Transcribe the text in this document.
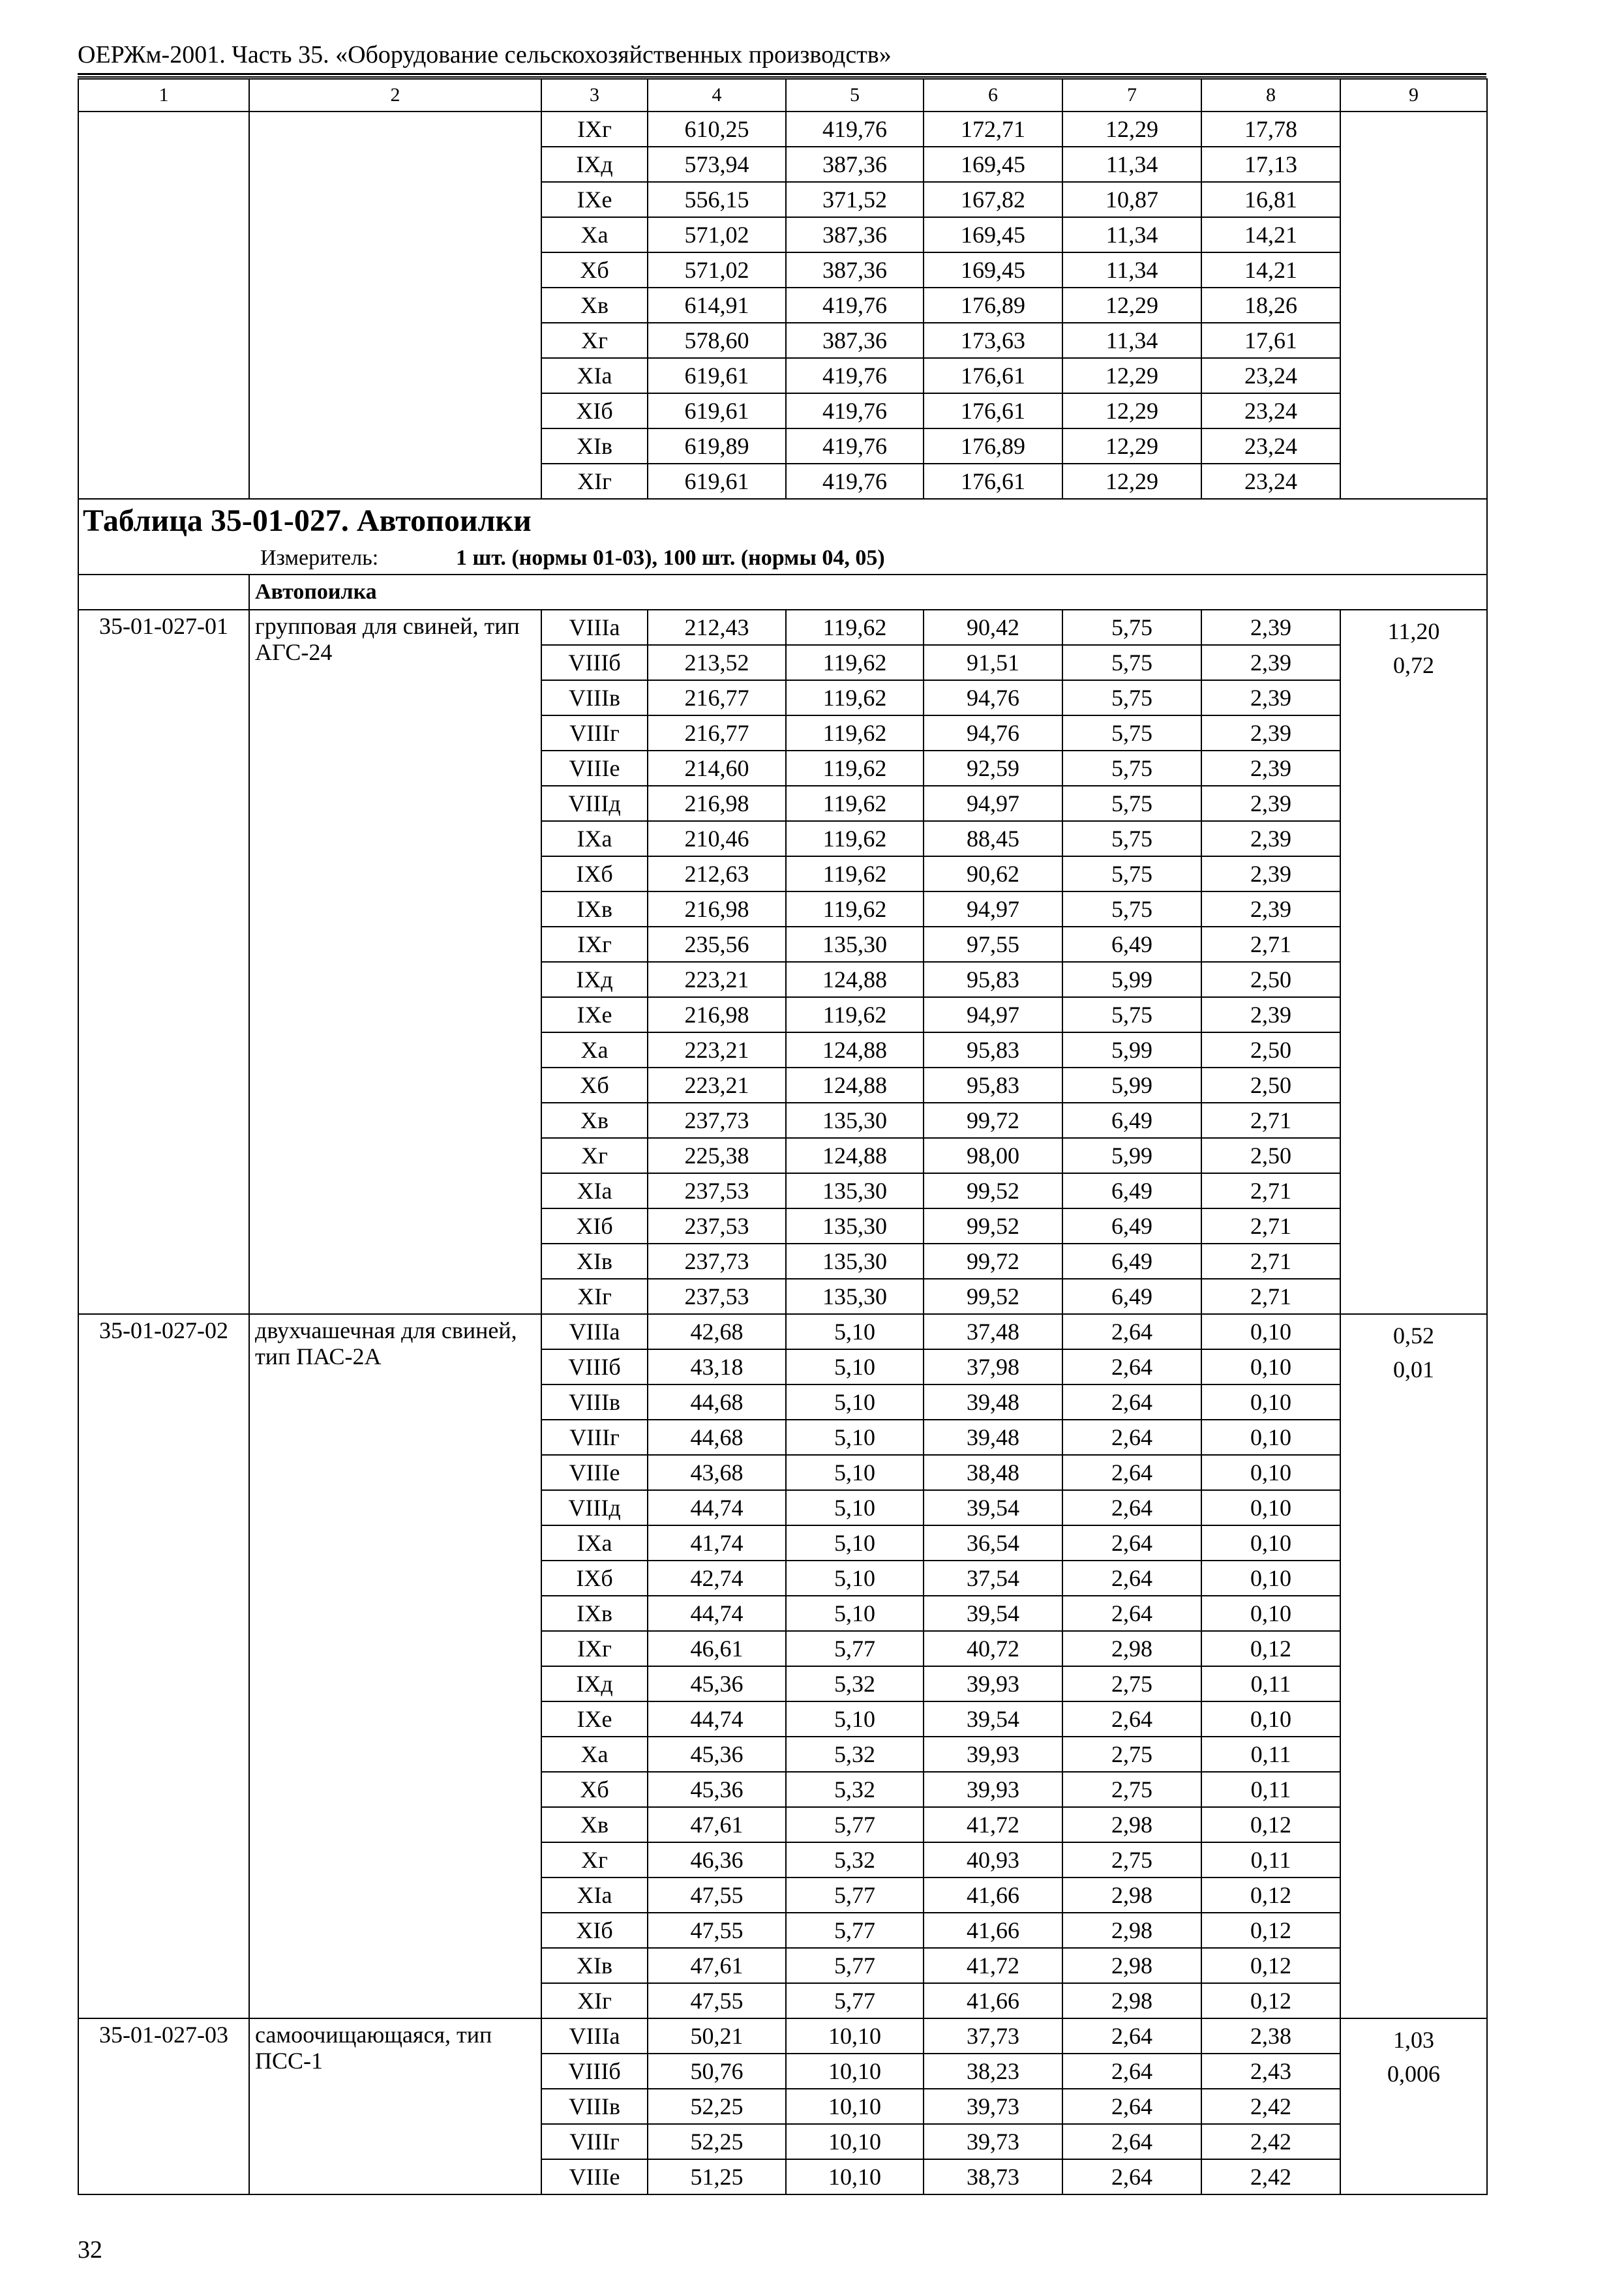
ОЕРЖм-2001. Часть 35. «Оборудование сельскохозяйственных производств»
1	2	3	4	5	6	7	8	9
		IXг	610,25	419,76	172,71	12,29	17,78	
		IXд	573,94	387,36	169,45	11,34	17,13	
		IXе	556,15	371,52	167,82	10,87	16,81	
		Xа	571,02	387,36	169,45	11,34	14,21	
		Xб	571,02	387,36	169,45	11,34	14,21	
		Xв	614,91	419,76	176,89	12,29	18,26	
		Xг	578,60	387,36	173,63	11,34	17,61	
		XIа	619,61	419,76	176,61	12,29	23,24	
		XIб	619,61	419,76	176,61	12,29	23,24	
		XIв	619,89	419,76	176,89	12,29	23,24	
		XIг	619,61	419,76	176,61	12,29	23,24	
Таблица 35-01-027. Автопоилки								
Измеритель: 1 шт. (нормы 01-03), 100 шт. (нормы 04, 05)								
	Автопоилка							
35-01-027-01	групповая для свиней, тип АГС-24	VIIIа	212,43	119,62	90,42	5,75	2,39	11,20
0,72

		VIIIб	213,52	119,62	91,51	5,75	2,39	
		VIIIв	216,77	119,62	94,76	5,75	2,39	
		VIIIг	216,77	119,62	94,76	5,75	2,39	
		VIIIе	214,60	119,62	92,59	5,75	2,39	
		VIIIд	216,98	119,62	94,97	5,75	2,39	
		IXа	210,46	119,62	88,45	5,75	2,39	
		IXб	212,63	119,62	90,62	5,75	2,39	
		IXв	216,98	119,62	94,97	5,75	2,39	
		IXг	235,56	135,30	97,55	6,49	2,71	
		IXд	223,21	124,88	95,83	5,99	2,50	
		IXе	216,98	119,62	94,97	5,75	2,39	
		Xа	223,21	124,88	95,83	5,99	2,50	
		Xб	223,21	124,88	95,83	5,99	2,50	
		Xв	237,73	135,30	99,72	6,49	2,71	
		Xг	225,38	124,88	98,00	5,99	2,50	
		XIа	237,53	135,30	99,52	6,49	2,71	
		XIб	237,53	135,30	99,52	6,49	2,71	
		XIв	237,73	135,30	99,72	6,49	2,71	
		XIг	237,53	135,30	99,52	6,49	2,71	
35-01-027-02	двухчашечная для свиней, тип ПАС-2А	VIIIа	42,68	5,10	37,48	2,64	0,10	0,52
0,01

		VIIIб	43,18	5,10	37,98	2,64	0,10	
		VIIIв	44,68	5,10	39,48	2,64	0,10	
		VIIIг	44,68	5,10	39,48	2,64	0,10	
		VIIIе	43,68	5,10	38,48	2,64	0,10	
		VIIIд	44,74	5,10	39,54	2,64	0,10	
		IXа	41,74	5,10	36,54	2,64	0,10	
		IXб	42,74	5,10	37,54	2,64	0,10	
		IXв	44,74	5,10	39,54	2,64	0,10	
		IXг	46,61	5,77	40,72	2,98	0,12	
		IXд	45,36	5,32	39,93	2,75	0,11	
		IXе	44,74	5,10	39,54	2,64	0,10	
		Xа	45,36	5,32	39,93	2,75	0,11	
		Xб	45,36	5,32	39,93	2,75	0,11	
		Xв	47,61	5,77	41,72	2,98	0,12	
		Xг	46,36	5,32	40,93	2,75	0,11	
		XIа	47,55	5,77	41,66	2,98	0,12	
		XIб	47,55	5,77	41,66	2,98	0,12	
		XIв	47,61	5,77	41,72	2,98	0,12	
		XIг	47,55	5,77	41,66	2,98	0,12	
35-01-027-03	самоочищающаяся, тип ПСС-1	VIIIа	50,21	10,10	37,73	2,64	2,38	1,03
0,006

		VIIIб	50,76	10,10	38,23	2,64	2,43	
		VIIIв	52,25	10,10	39,73	2,64	2,42	
		VIIIг	52,25	10,10	39,73	2,64	2,42	
		VIIIе	51,25	10,10	38,73	2,64	2,42	
32
